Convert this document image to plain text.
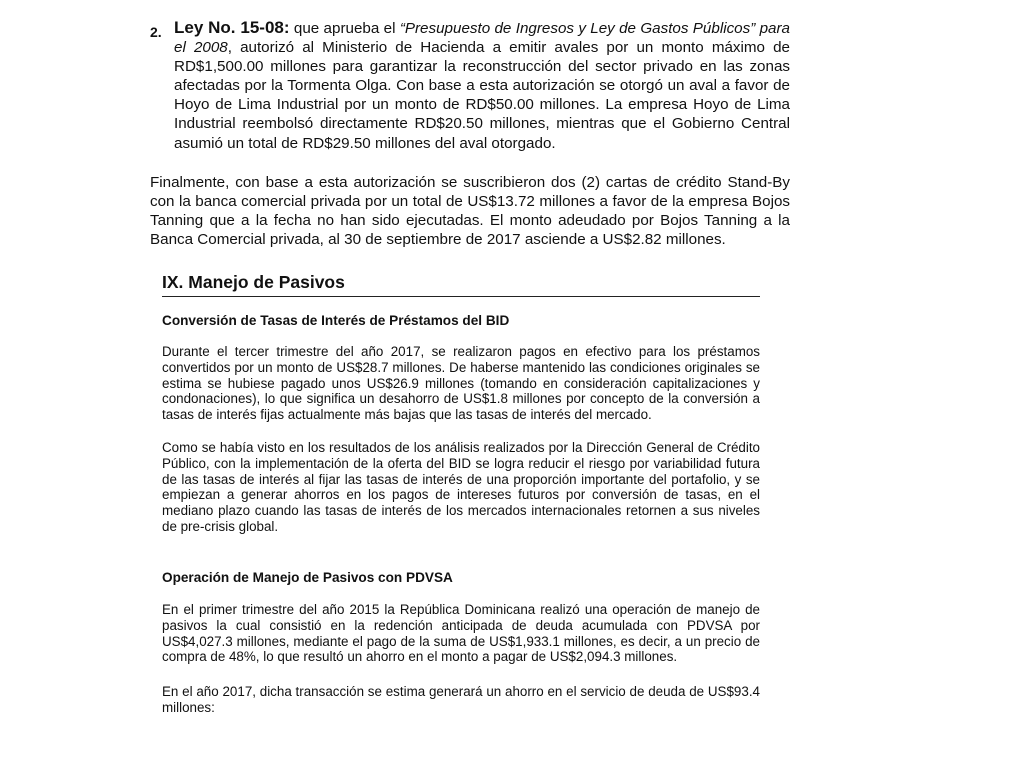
2. Ley No. 15-08: que aprueba el “Presupuesto de Ingresos y Ley de Gastos Públicos” para el 2008, autorizó al Ministerio de Hacienda a emitir avales por un monto máximo de RD$1,500.00 millones para garantizar la reconstrucción del sector privado en las zonas afectadas por la Tormenta Olga. Con base a esta autorización se otorgó un aval a favor de Hoyo de Lima Industrial por un monto de RD$50.00 millones. La empresa Hoyo de Lima Industrial reembolsó directamente RD$20.50 millones, mientras que el Gobierno Central asumió un total de RD$29.50 millones del aval otorgado.

Finalmente, con base a esta autorización se suscribieron dos (2) cartas de crédito Stand-By con la banca comercial privada por un total de US$13.72 millones a favor de la empresa Bojos Tanning que a la fecha no han sido ejecutadas. El monto adeudado por Bojos Tanning a la Banca Comercial privada, al 30 de septiembre de 2017 asciende a US$2.82 millones.

IX. Manejo de Pasivos
Conversión de Tasas de Interés de Préstamos del BID

Durante el tercer trimestre del año 2017, se realizaron pagos en efectivo para los préstamos convertidos por un monto de US$28.7 millones. De haberse mantenido las condiciones originales se estima se hubiese pagado unos US$26.9 millones (tomando en consideración capitalizaciones y condonaciones), lo que significa un desahorro de US$1.8 millones por concepto de la conversión a tasas de interés fijas actualmente más bajas que las tasas de interés del mercado.

Como se había visto en los resultados de los análisis realizados por la Dirección General de Crédito Público, con la implementación de la oferta del BID se logra reducir el riesgo por variabilidad futura de las tasas de interés al fijar las tasas de interés de una proporción importante del portafolio, y se empiezan a generar ahorros en los pagos de intereses futuros por conversión de tasas, en el mediano plazo cuando las tasas de interés de los mercados internacionales retornen a sus niveles de pre-crisis global.

Operación de Manejo de Pasivos con PDVSA

En el primer trimestre del año 2015 la República Dominicana realizó una operación de manejo de pasivos la cual consistió en la redención anticipada de deuda acumulada con PDVSA por US$4,027.3 millones, mediante el pago de la suma de US$1,933.1 millones, es decir, a un precio de compra de 48%, lo que resultó un ahorro en el monto a pagar de US$2,094.3 millones.

En el año 2017, dicha transacción se estima generará un ahorro en el servicio de deuda de US$93.4 millones:
